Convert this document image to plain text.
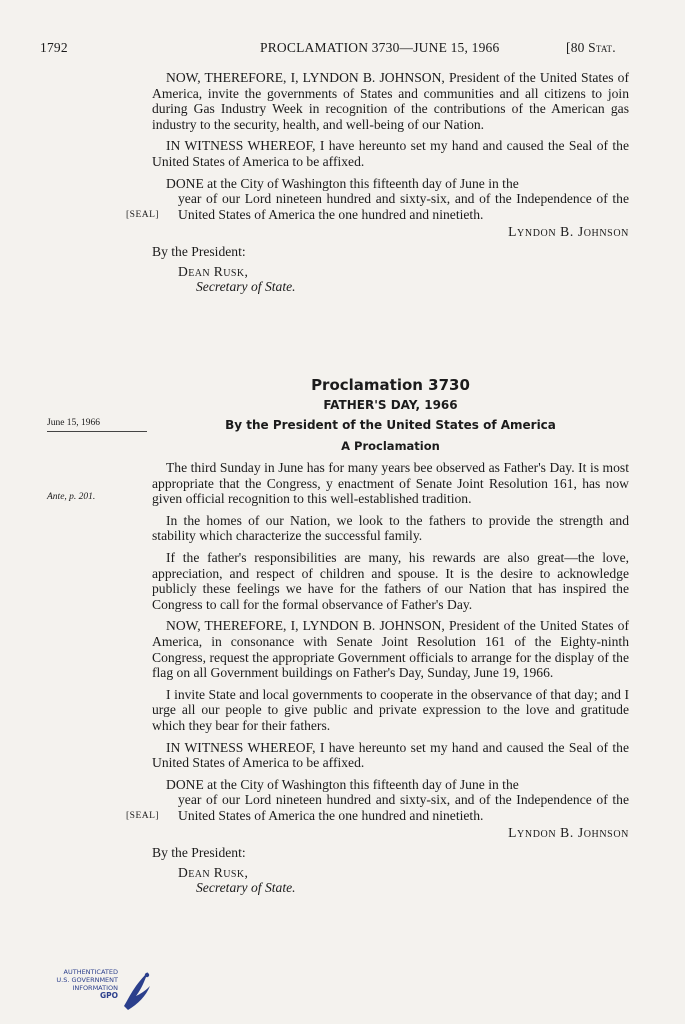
1792	PROCLAMATION 3730—JUNE 15, 1966	[80 Stat.

NOW, THEREFORE, I, LYNDON B. JOHNSON, President of the United States of America, invite the governments of States and communities and all citizens to join during Gas Industry Week in recognition of the contributions of the American gas industry to the security, health, and well-being of our Nation.

IN WITNESS WHEREOF, I have hereunto set my hand and caused the Seal of the United States of America to be affixed.

DONE at the City of Washington this fifteenth day of June in the
[SEAL]
year of our Lord nineteen hundred and sixty-six, and of the Independence of the United States of America the one hundred and ninetieth.
Lyndon B. Johnson
By the President:
Dean Rusk,
Secretary of State.
Proclamation 3730
FATHER'S DAY, 1966
By the President of the United States of America
A Proclamation
June 15, 1966
Ante, p. 201.

The third Sunday in June has for many years bee observed as Father's Day. It is most appropriate that the Congress, y enactment of Senate Joint Resolution 161, has now given official recognition to this well-established tradition.

In the homes of our Nation, we look to the fathers to provide the strength and stability which characterize the successful family.

If the father's responsibilities are many, his rewards are also great—the love, appreciation, and respect of children and spouse. It is the desire to acknowledge publicly these feelings we have for the fathers of our Nation that has inspired the Congress to call for the formal observance of Father's Day.

NOW, THEREFORE, I, LYNDON B. JOHNSON, President of the United States of America, in consonance with Senate Joint Resolution 161 of the Eighty-ninth Congress, request the appropriate Government officials to arrange for the display of the flag on all Government buildings on Father's Day, Sunday, June 19, 1966.

I invite State and local governments to cooperate in the observance of that day; and I urge all our people to give public and private expression to the love and gratitude which they bear for their fathers.

IN WITNESS WHEREOF, I have hereunto set my hand and caused the Seal of the United States of America to be affixed.

DONE at the City of Washington this fifteenth day of June in the
[SEAL]
year of our Lord nineteen hundred and sixty-six, and of the Independence of the United States of America the one hundred and ninetieth.
Lyndon B. Johnson
By the President:
Dean Rusk,
Secretary of State.
AUTHENTICATED
U.S. GOVERNMENT
INFORMATION
GPO
